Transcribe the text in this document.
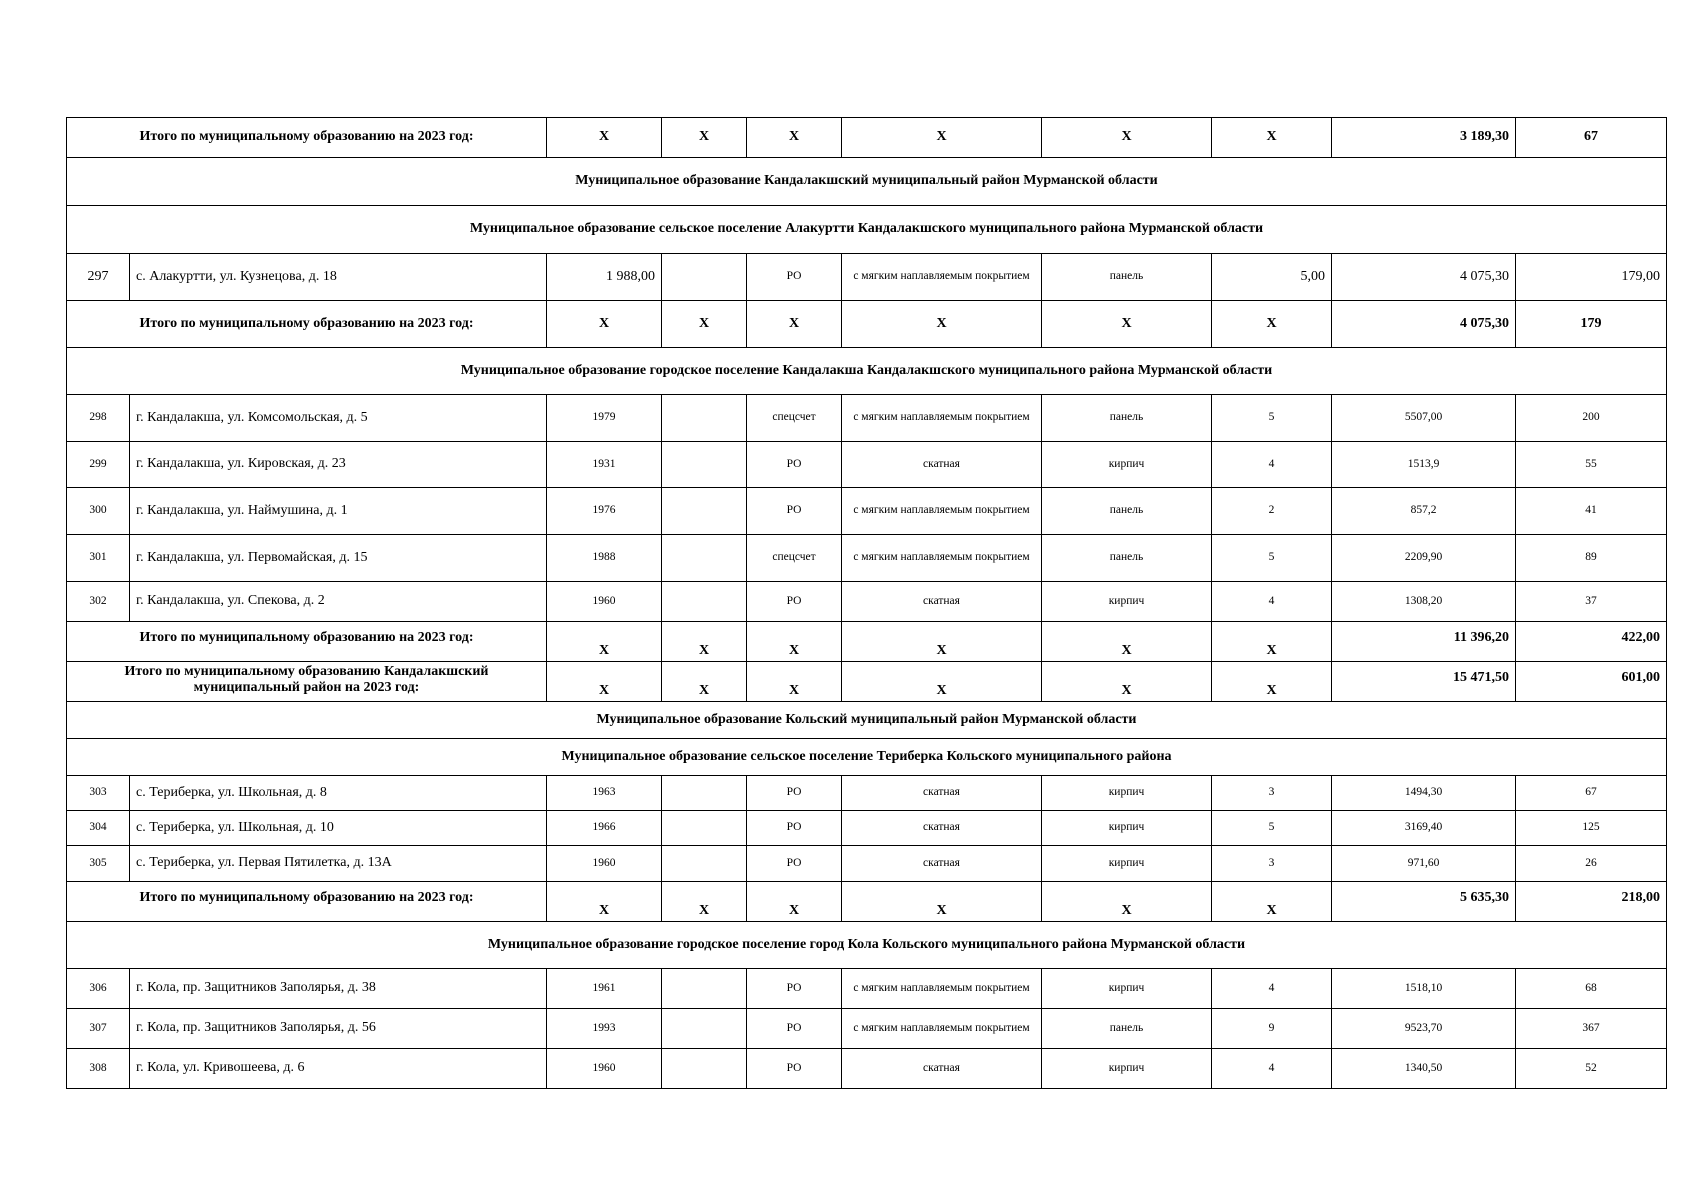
Итого по муниципальному образованию на 2023 год:		X	X	X	X	X	X	3 189,30	67
Муниципальное образование Кандалакшский муниципальный район Мурманской области									
Муниципальное образование сельское поселение Алакуртти Кандалакшского муниципального района Мурманской области									
297	с. Алакуртти, ул. Кузнецова, д. 18	1 988,00		РО	с мягким наплавляемым покрытием	панель	5,00	4 075,30	179,00
Итого по муниципальному образованию на 2023 год:		X	X	X	X	X	X	4 075,30	179
Муниципальное образование городское поселение Кандалакша Кандалакшского муниципального района Мурманской области									
298	г. Кандалакша, ул. Комсомольская, д. 5	1979		спецсчет	с мягким наплавляемым покрытием	панель	5	5507,00	200
299	г. Кандалакша, ул. Кировская, д. 23	1931		РО	скатная	кирпич	4	1513,9	55
300	г. Кандалакша, ул. Наймушина, д. 1	1976		РО	с мягким наплавляемым покрытием	панель	2	857,2	41
301	г. Кандалакша, ул. Первомайская, д. 15	1988		спецсчет	с мягким наплавляемым покрытием	панель	5	2209,90	89
302	г. Кандалакша, ул. Спекова, д. 2	1960		РО	скатная	кирпич	4	1308,20	37
Итого по муниципальному образованию на 2023 год:		X	X	X	X	X	X	11 396,20	422,00
Итого по муниципальному образованию Кандалакшский муниципальный район на 2023 год:		X	X	X	X	X	X	15 471,50	601,00
Муниципальное образование Кольский муниципальный район Мурманской области									
Муниципальное образование сельское поселение Териберка Кольского муниципального района									
303	с. Териберка, ул. Школьная, д. 8	1963		РО	скатная	кирпич	3	1494,30	67
304	с. Териберка, ул. Школьная, д. 10	1966		РО	скатная	кирпич	5	3169,40	125
305	с. Териберка, ул. Первая Пятилетка, д. 13А	1960		РО	скатная	кирпич	3	971,60	26
Итого по муниципальному образованию на 2023 год:		X	X	X	X	X	X	5 635,30	218,00
Муниципальное образование городское поселение город Кола Кольского муниципального района Мурманской области									
306	г. Кола, пр. Защитников Заполярья, д. 38	1961		РО	с мягким наплавляемым покрытием	кирпич	4	1518,10	68
307	г. Кола, пр. Защитников Заполярья, д. 56	1993		РО	с мягким наплавляемым покрытием	панель	9	9523,70	367
308	г. Кола, ул. Кривошеева, д. 6	1960		РО	скатная	кирпич	4	1340,50	52
